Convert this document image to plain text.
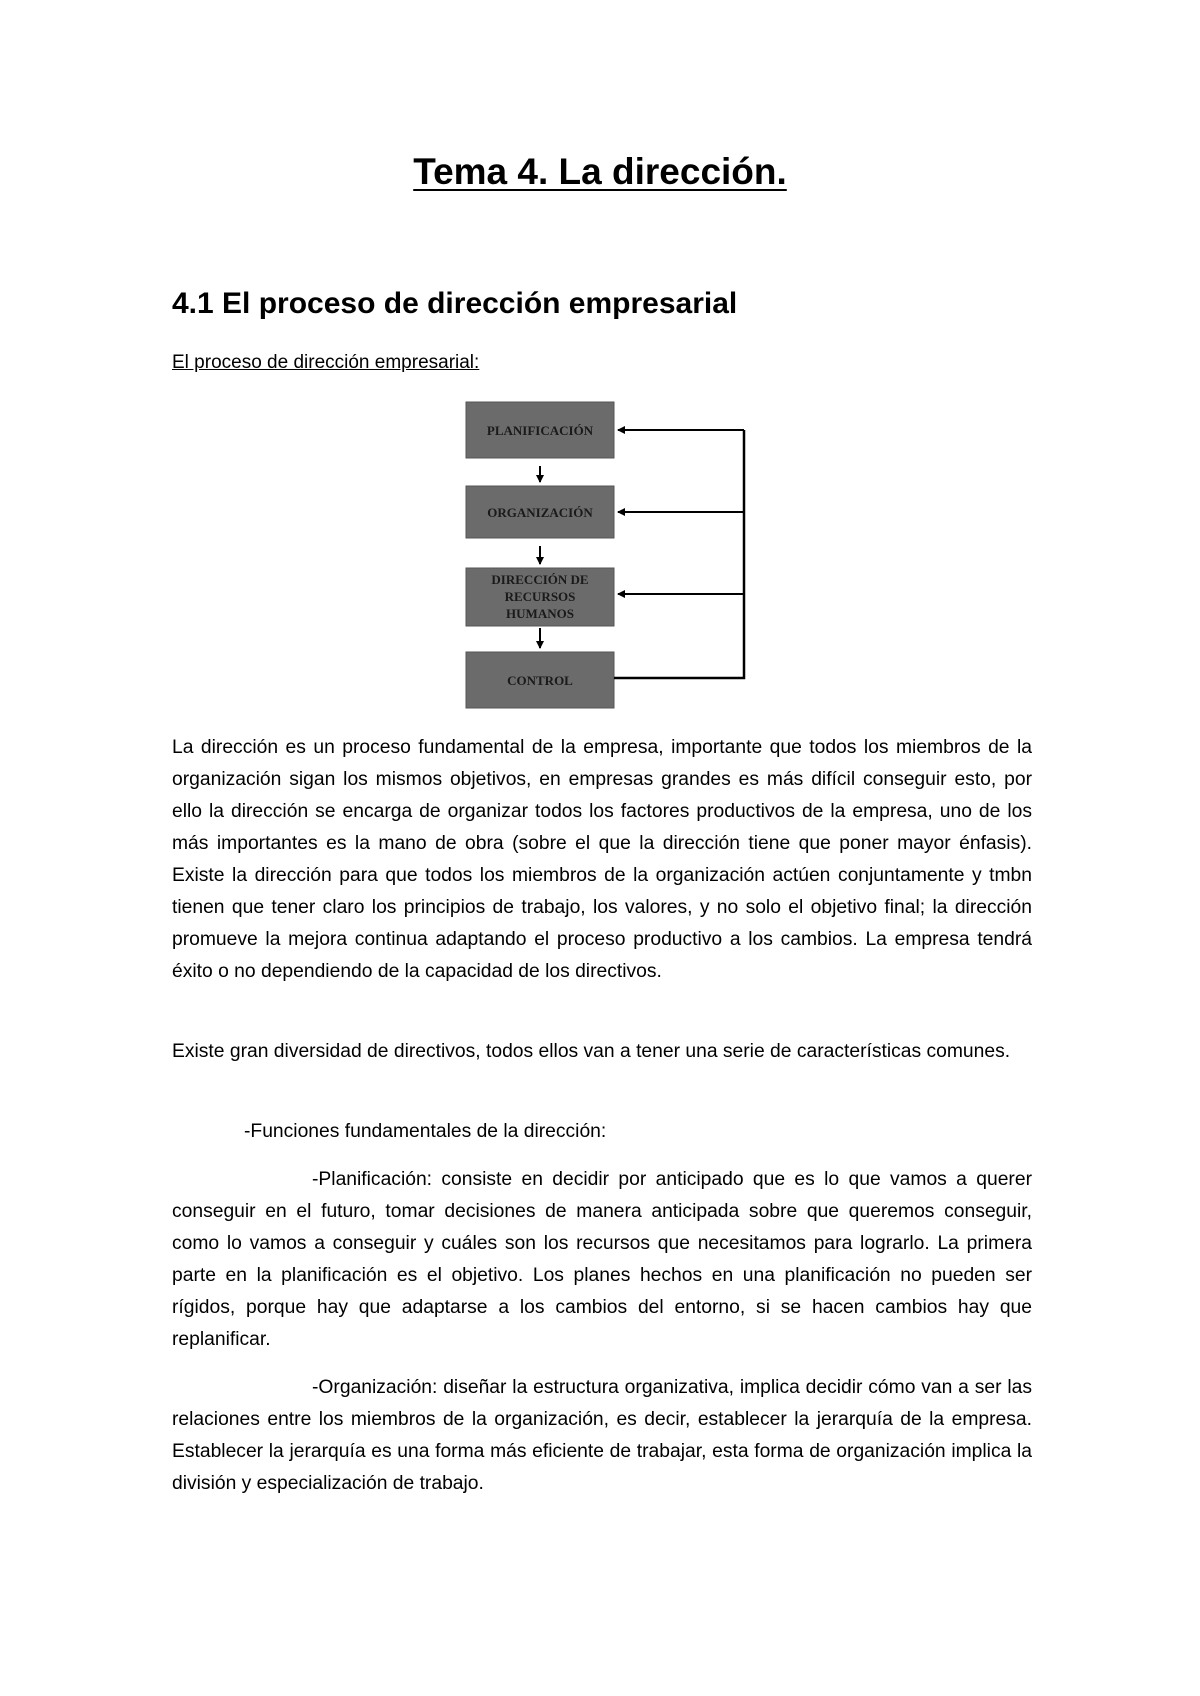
Tema 4. La dirección.
4.1 El proceso de dirección empresarial

El proceso de dirección empresarial:

PLANIFICACIÓN
ORGANIZACIÓN
DIRECCIÓN DE RECURSOS HUMANOS
CONTROL

La dirección es un proceso fundamental de la empresa, importante que todos los miembros de la organización sigan los mismos objetivos, en empresas grandes es más difícil conseguir esto, por ello la dirección se encarga de organizar todos los factores productivos de la empresa, uno de los más importantes es la mano de obra (sobre el que la dirección tiene que poner mayor énfasis). Existe la dirección para que todos los miembros de la organización actúen conjuntamente y tmbn tienen que tener claro los principios de trabajo, los valores, y no solo el objetivo final; la dirección promueve la mejora continua adaptando el proceso productivo a los cambios. La empresa tendrá éxito o no dependiendo de la capacidad de los directivos.

Existe gran diversidad de directivos, todos ellos van a tener una serie de características comunes.

-Funciones fundamentales de la dirección:

-Planificación: consiste en decidir por anticipado que es lo que vamos a querer conseguir en el futuro, tomar decisiones de manera anticipada sobre que queremos conseguir, como lo vamos a conseguir y cuáles son los recursos que necesitamos para lograrlo. La primera parte en la planificación es el objetivo. Los planes hechos en una planificación no pueden ser rígidos, porque hay que adaptarse a los cambios del entorno, si se hacen cambios hay que replanificar.

-Organización: diseñar la estructura organizativa, implica decidir cómo van a ser las relaciones entre los miembros de la organización, es decir, establecer la jerarquía de la empresa. Establecer la jerarquía es una forma más eficiente de trabajar, esta forma de organización implica la división y especialización de trabajo.
